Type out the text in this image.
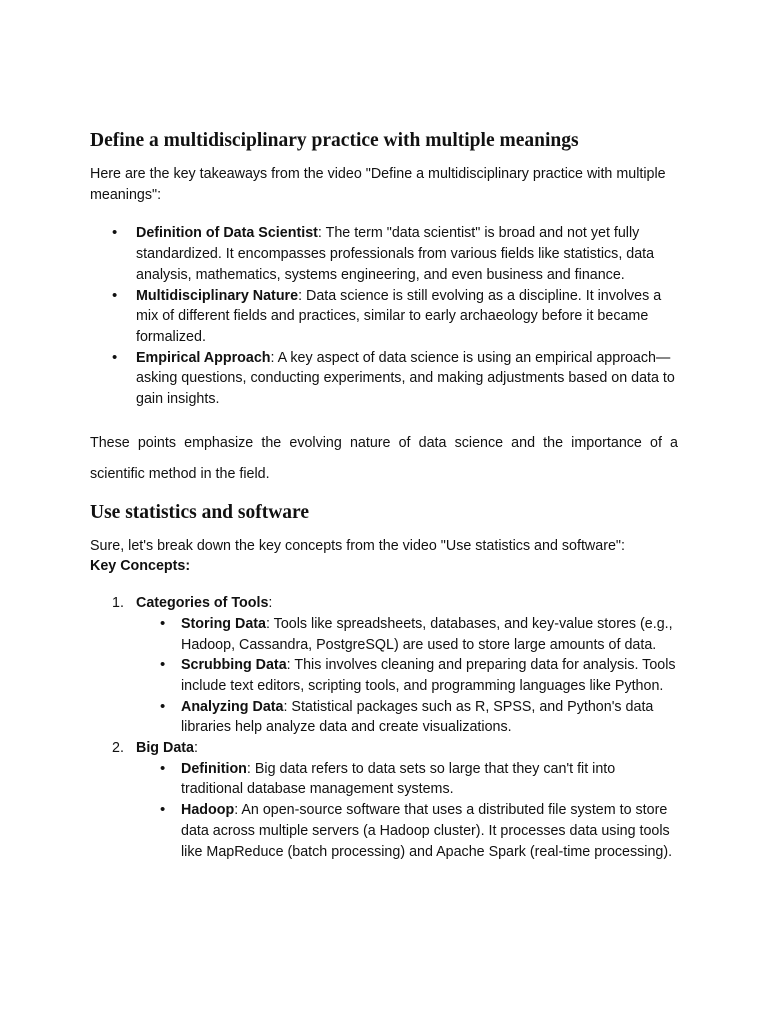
Define a multidisciplinary practice with multiple meanings

Here are the key takeaways from the video "Define a multidisciplinary practice with multiple meanings":

• Definition of Data Scientist: The term "data scientist" is broad and not yet fully standardized. It encompasses professionals from various fields like statistics, data analysis, mathematics, systems engineering, and even business and finance.
• Multidisciplinary Nature: Data science is still evolving as a discipline. It involves a mix of different fields and practices, similar to early archaeology before it became formalized.
• Empirical Approach: A key aspect of data science is using an empirical approach—asking questions, conducting experiments, and making adjustments based on data to gain insights.

These points emphasize the evolving nature of data science and the importance of a scientific method in the field.

Use statistics and software

Sure, let's break down the key concepts from the video "Use statistics and software":

Key Concepts:

1. Categories of Tools:
• Storing Data: Tools like spreadsheets, databases, and key-value stores (e.g., Hadoop, Cassandra, PostgreSQL) are used to store large amounts of data.
• Scrubbing Data: This involves cleaning and preparing data for analysis. Tools include text editors, scripting tools, and programming languages like Python.
• Analyzing Data: Statistical packages such as R, SPSS, and Python's data libraries help analyze data and create visualizations.
2. Big Data:
• Definition: Big data refers to data sets so large that they can't fit into traditional database management systems.
• Hadoop: An open-source software that uses a distributed file system to store data across multiple servers (a Hadoop cluster). It processes data using tools like MapReduce (batch processing) and Apache Spark (real-time processing).
